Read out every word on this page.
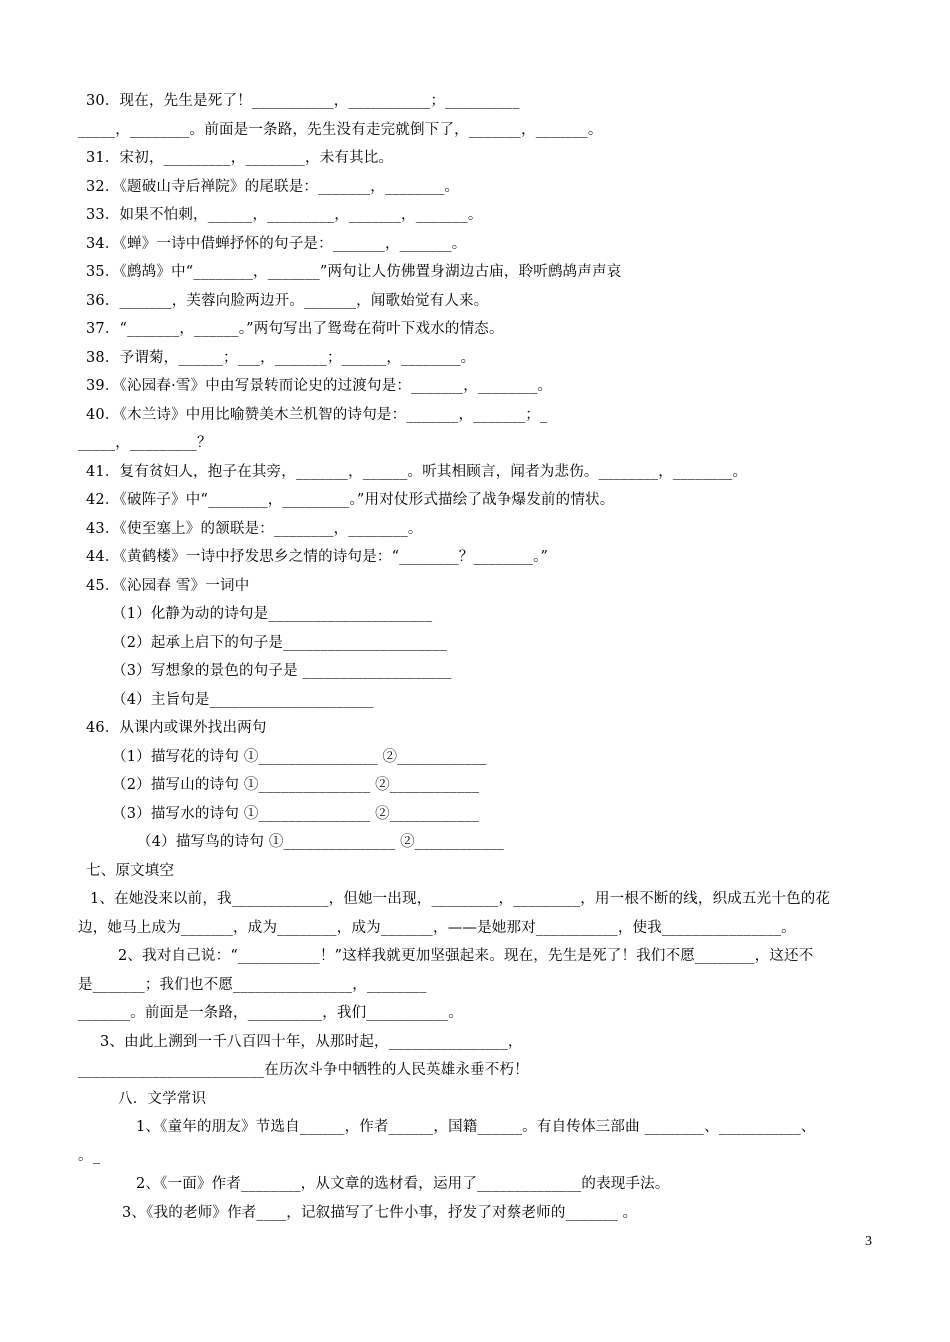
30．现在，先生是死了！___________，___________；__________
_____，________。前面是一条路，先生没有走完就倒下了，_______，_______。
31．宋初，_________，________，未有其比。
32．《题破山寺后禅院》的尾联是：_______，________。
33．如果不怕刺，______，_________，_______，_______。
34．《蝉》一诗中借蝉抒怀的句子是：_______，_______。
35．《鹧鸪》中“________，_______”两句让人仿佛置身湖边古庙，聆听鹧鸪声声哀
36．_______，芙蓉向脸两边开。_______，闻歌始觉有人来。
37．“_______，______。”两句写出了鸳鸯在荷叶下戏水的情态。
38．予谓菊，______；___，_______；______，________。
39．《沁园春·雪》中由写景转而论史的过渡句是：_______，________。
40．《木兰诗》中用比喻赞美木兰机智的诗句是：_______，_______；_
_____，_________？
41．复有贫妇人，抱子在其旁，_______，______。听其相顾言，闻者为悲伤。________，________。
42．《破阵子》中“________，_________。”用对仗形式描绘了战争爆发前的情状。
43．《使至塞上》的颔联是：________，________。
44．《黄鹤楼》一诗中抒发思乡之情的诗句是：“________？________。”
45．《沁园春 雪》一词中
（1）化静为动的诗句是______________________
（2）起承上启下的句子是______________________
（3）写想象的景色的句子是 ____________________
（4）主旨句是______________________
46．从课内或课外找出两句
（1）描写花的诗句 ①________________ ②____________
（2）描写山的诗句 ①_______________ ②____________
（3）描写水的诗句 ①_______________ ②____________
（4）描写鸟的诗句 ①_______________ ②____________
七、原文填空
1、在她没来以前，我_____________，但她一出现，_________，_________，用一根不断的线，织成五光十色的花
边，她马上成为_______，成为________，成为_______，——是她那对___________，使我________________。
2、我对自己说：“___________！”这样我就更加坚强起来。现在，先生是死了！我们不愿________，这还不
是_______；我们也不愿________________，________
_______。前面是一条路，__________，我们___________。
3、由此上溯到一千八百四十年，从那时起，________________，
_________________________在历次斗争中牺牲的人民英雄永垂不朽！
八．文学常识
1、《童年的朋友》节选自______，作者______，国籍______。有自传体三部曲 ________、___________、
。_
2、《一面》作者________，从文章的选材看，运用了______________的表现手法。
3、《我的老师》作者____，记叙描写了七件小事，抒发了对蔡老师的_______ 。
3
